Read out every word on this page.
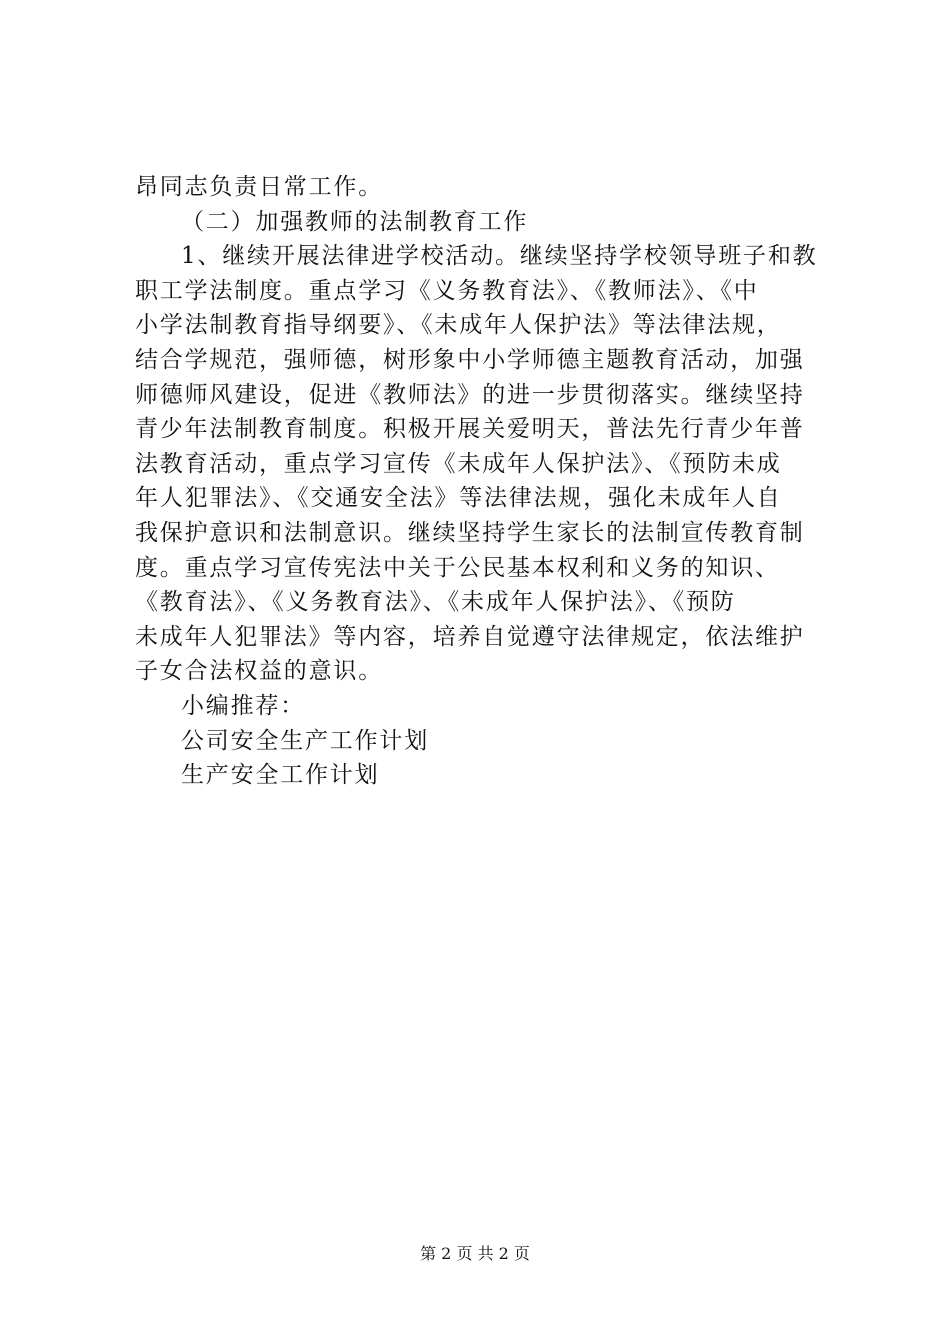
昂同志负责日常工作。
（二）加强教师的法制教育工作
1、继续开展法律进学校活动。继续坚持学校领导班子和教
职工学法制度。重点学习《义务教育法》、《教师法》、《中
小学法制教育指导纲要》、《未成年人保护法》等法律法规，
结合学规范，强师德，树形象中小学师德主题教育活动，加强
师德师风建设，促进《教师法》的进一步贯彻落实。继续坚持
青少年法制教育制度。积极开展关爱明天，普法先行青少年普
法教育活动，重点学习宣传《未成年人保护法》、《预防未成
年人犯罪法》、《交通安全法》等法律法规，强化未成年人自
我保护意识和法制意识。继续坚持学生家长的法制宣传教育制
度。重点学习宣传宪法中关于公民基本权利和义务的知识、
《教育法》、《义务教育法》、《未成年人保护法》、《预防
未成年人犯罪法》等内容，培养自觉遵守法律规定，依法维护
子女合法权益的意识。
小编推荐：
公司安全生产工作计划
生产安全工作计划
第 2 页 共 2 页
